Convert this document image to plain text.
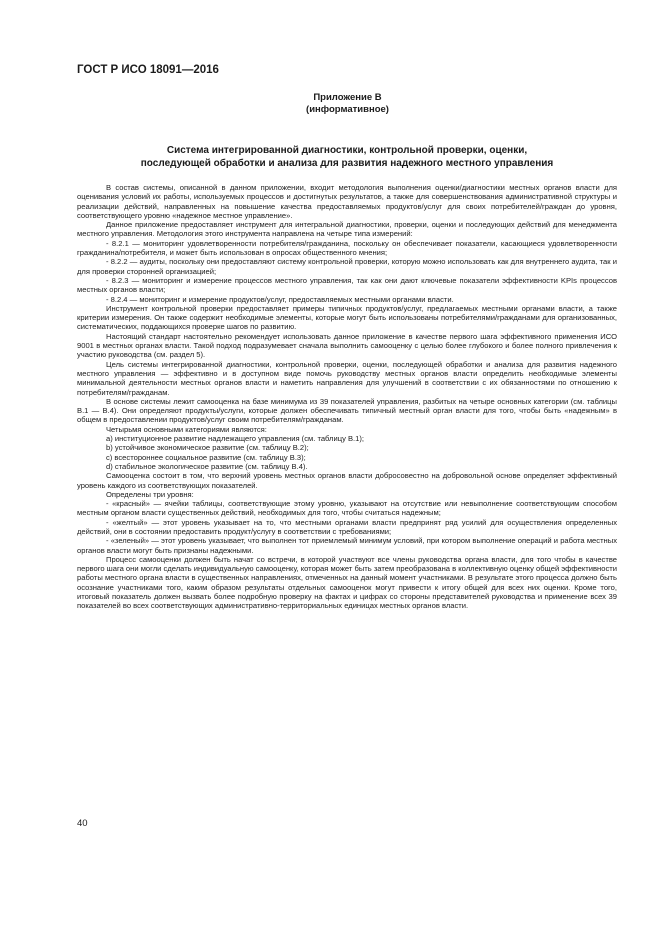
ГОСТ Р ИСО 18091—2016
Приложение В
(информативное)
Система интегрированной диагностики, контрольной проверки, оценки,
последующей обработки и анализа для развития надежного местного управления

В состав системы, описанной в данном приложении, входит методология выполнения оценки/диагностики местных органов власти для оценивания условий их работы, используемых процессов и достигнутых результатов, а также для совершенствования административной структуры и реализации действий, направленных на повышение качества предоставляемых продуктов/услуг для своих потребителей/граждан до уровня, соответствующего уровню «надежное местное управление».

Данное приложение предоставляет инструмент для интегральной диагностики, проверки, оценки и последующих действий для менеджмента местного управления. Методология этого инструмента направлена на четыре типа измерений:

- 8.2.1 — мониторинг удовлетворенности потребителя/гражданина, поскольку он обеспечивает показатели, касающиеся удовлетворенности гражданина/потребителя, и может быть использован в опросах общественного мнения;

- 8.2.2 — аудиты, поскольку они предоставляют систему контрольной проверки, которую можно использовать как для внутреннего аудита, так и для проверки сторонней организацией;

- 8.2.3 — мониторинг и измерение процессов местного управления, так как они дают ключевые показатели эффективности KPIs процессов местных органов власти;

- 8.2.4 — мониторинг и измерение продуктов/услуг, предоставляемых местными органами власти.

Инструмент контрольной проверки предоставляет примеры типичных продуктов/услуг, предлагаемых местными органами власти, а также критерии измерения. Он также содержит необходимые элементы, которые могут быть использованы потребителями/гражданами для организованных, систематических, поддающихся проверке шагов по развитию.

Настоящий стандарт настоятельно рекомендует использовать данное приложение в качестве первого шага эффективного применения ИСО 9001 в местных органах власти. Такой подход подразумевает сначала выполнить самооценку с целью более глубокого и более полного привлечения к участию руководства (см. раздел 5).

Цель системы интегрированной диагностики, контрольной проверки, оценки, последующей обработки и анализа для развития надежного местного управления — эффективно и в доступном виде помочь руководству местных органов власти определить необходимые элементы минимальной деятельности местных органов власти и наметить направления для улучшений в соответствии с их обязанностями по отношению к потребителям/гражданам.

В основе системы лежит самооценка на базе минимума из 39 показателей управления, разбитых на четыре основных категории (см. таблицы В.1 — В.4). Они определяют продукты/услуги, которые должен обеспечивать типичный местный орган власти для того, чтобы быть «надежным» в общем в предоставлении продуктов/услуг своим потребителям/гражданам.

Четырьмя основными категориями являются:

a) институционное развитие надлежащего управления (см. таблицу В.1);

b) устойчивое экономическое развитие (см. таблицу В.2);

c) всестороннее социальное развитие (см. таблицу В.3);

d) стабильное экологическое развитие (см. таблицу В.4).

Самооценка состоит в том, что верхний уровень местных органов власти добросовестно на добровольной основе определяет эффективный уровень каждого из соответствующих показателей.

Определены три уровня:

- «красный» — ячейки таблицы, соответствующие этому уровню, указывают на отсутствие или невыполнение соответствующим способом местным органом власти существенных действий, необходимых для того, чтобы считаться надежным;

- «желтый» — этот уровень указывает на то, что местными органами власти предпринят ряд усилий для осуществления определенных действий, они в состоянии предоставить продукт/услугу в соответствии с требованиями;

- «зеленый» — этот уровень указывает, что выполнен тот приемлемый минимум условий, при котором выполнение операций и работа местных органов власти могут быть признаны надежными.

Процесс самооценки должен быть начат со встречи, в которой участвуют все члены руководства органа власти, для того чтобы в качестве первого шага они могли сделать индивидуальную самооценку, которая может быть затем преобразована в коллективную оценку общей эффективности работы местного органа власти в существенных направлениях, отмеченных на данный момент участниками. В результате этого процесса должно быть осознание участниками того, каким образом результаты отдельных самооценок могут привести к итогу общей для всех них оценки. Кроме того, итоговый показатель должен вызвать более подробную проверку на фактах и цифрах со стороны представителей руководства и применение всех 39 показателей во всех соответствующих административно-территориальных единицах местных органов власти.

40
